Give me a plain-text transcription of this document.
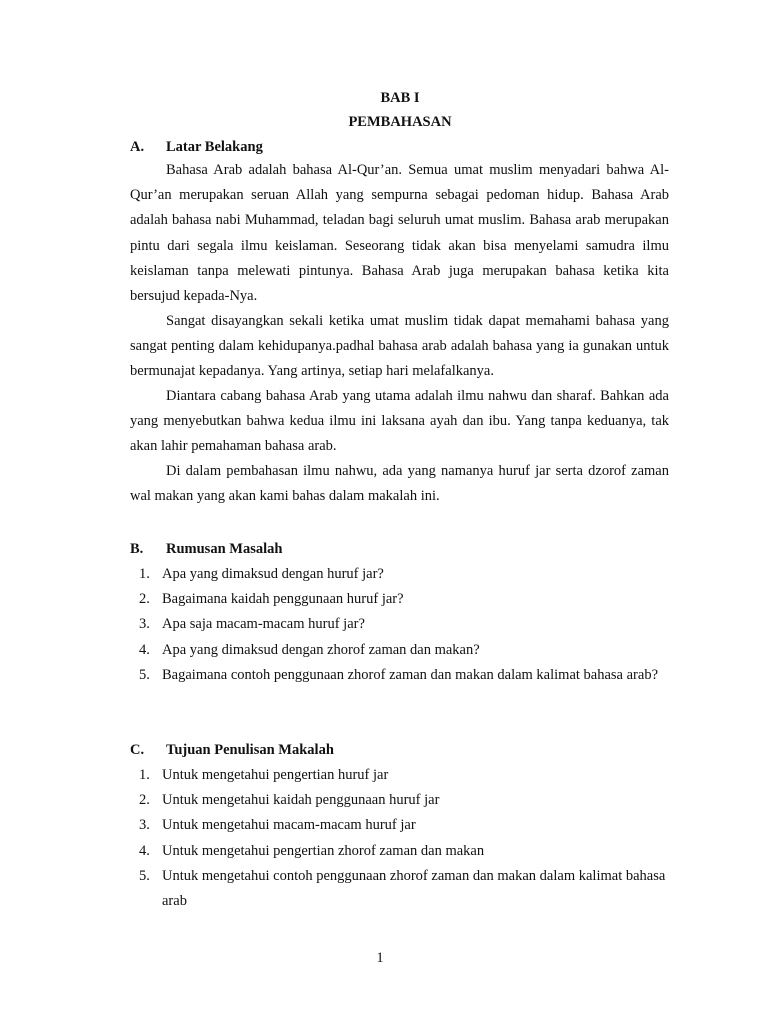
BAB I
PEMBAHASAN
A. Latar Belakang

Bahasa Arab adalah bahasa Al-Qur’an. Semua umat muslim menyadari bahwa Al-Qur’an merupakan seruan Allah yang sempurna sebagai pedoman hidup. Bahasa Arab adalah bahasa nabi Muhammad, teladan bagi seluruh umat muslim. Bahasa arab merupakan pintu dari segala ilmu keislaman. Seseorang tidak akan bisa menyelami samudra ilmu keislaman tanpa melewati pintunya. Bahasa Arab juga merupakan bahasa ketika kita bersujud kepada-Nya.

Sangat disayangkan sekali ketika umat muslim tidak dapat memahami bahasa yang sangat penting dalam kehidupanya.padhal bahasa arab adalah bahasa yang ia gunakan untuk bermunajat kepadanya. Yang artinya, setiap hari melafalkanya.

Diantara cabang bahasa Arab yang utama adalah ilmu nahwu dan sharaf. Bahkan ada yang menyebutkan bahwa kedua ilmu ini laksana ayah dan ibu. Yang tanpa keduanya, tak akan lahir pemahaman bahasa arab.

Di dalam pembahasan ilmu nahwu, ada yang namanya huruf jar serta dzorof zaman wal makan yang akan kami bahas dalam makalah ini.

B. Rumusan Masalah
1. Apa yang dimaksud dengan huruf jar?
2. Bagaimana kaidah penggunaan huruf jar?
3. Apa saja macam-macam huruf jar?
4. Apa yang dimaksud dengan zhorof zaman dan makan?
5. Bagaimana contoh penggunaan zhorof zaman dan makan dalam kalimat bahasa arab?
C. Tujuan Penulisan Makalah
1. Untuk mengetahui pengertian huruf jar
2. Untuk mengetahui kaidah penggunaan huruf jar
3. Untuk mengetahui macam-macam huruf jar
4. Untuk mengetahui pengertian zhorof zaman dan makan
5. Untuk mengetahui contoh penggunaan zhorof zaman dan makan dalam kalimat bahasa arab
1
